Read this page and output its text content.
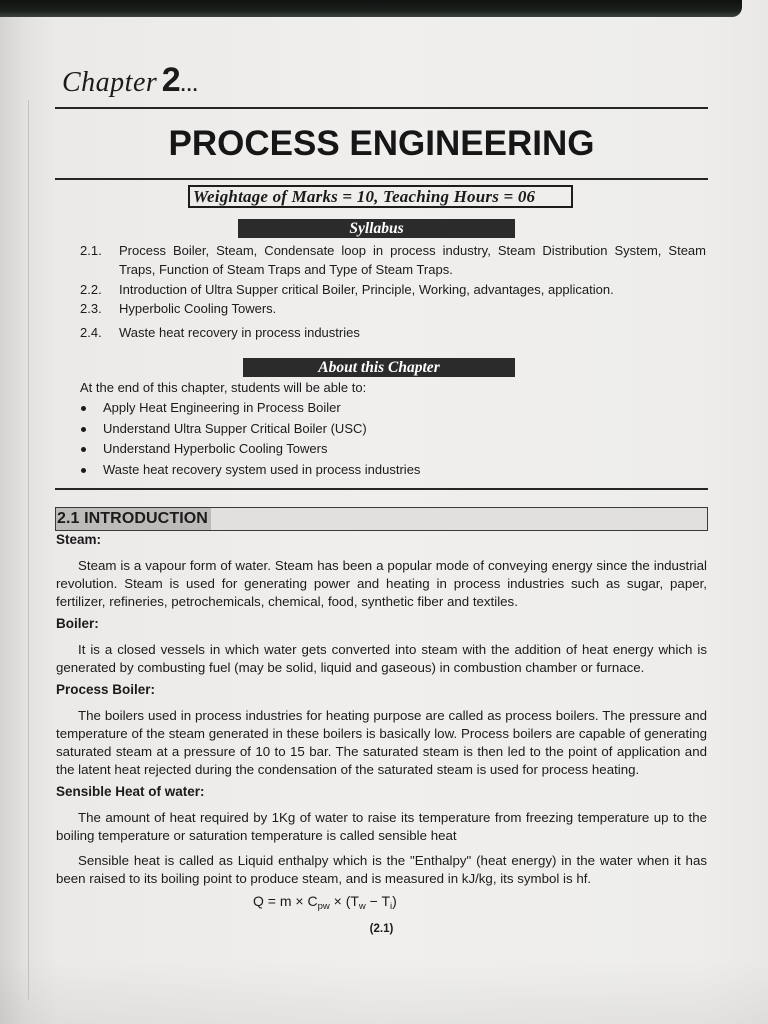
Chapter 2...
PROCESS ENGINEERING
Weightage of Marks = 10, Teaching Hours = 06
Syllabus
2.1. Process Boiler, Steam, Condensate loop in process industry, Steam Distribution System, Steam Traps, Function of Steam Traps and Type of Steam Traps.
2.2. Introduction of Ultra Supper critical Boiler, Principle, Working, advantages, application.
2.3. Hyperbolic Cooling Towers.
2.4. Waste heat recovery in process industries
About this Chapter
At the end of this chapter, students will be able to:
Apply Heat Engineering in Process Boiler
Understand Ultra Supper Critical Boiler (USC)
Understand Hyperbolic Cooling Towers
Waste heat recovery system used in process industries
2.1 INTRODUCTION
Steam:

Steam is a vapour form of water. Steam has been a popular mode of conveying energy since the industrial revolution. Steam is used for generating power and heating in process industries such as sugar, paper, fertilizer, refineries, petrochemicals, chemical, food, synthetic fiber and textiles.

Boiler:

It is a closed vessels in which water gets converted into steam with the addition of heat energy which is generated by combusting fuel (may be solid, liquid and gaseous) in combustion chamber or furnace.

Process Boiler:

The boilers used in process industries for heating purpose are called as process boilers. The pressure and temperature of the steam generated in these boilers is basically low. Process boilers are capable of generating saturated steam at a pressure of 10 to 15 bar. The saturated steam is then led to the point of application and the latent heat rejected during the condensation of the saturated steam is used for process heating.

Sensible Heat of water:

The amount of heat required by 1Kg of water to raise its temperature from freezing temperature up to the boiling temperature or saturation temperature is called sensible heat

Sensible heat is called as Liquid enthalpy which is the "Enthalpy" (heat energy) in the water when it has been raised to its boiling point to produce steam, and is measured in kJ/kg, its symbol is hf.

$Q = m \times C_{pw} \times (T_w - T_i)$
(2.1)
